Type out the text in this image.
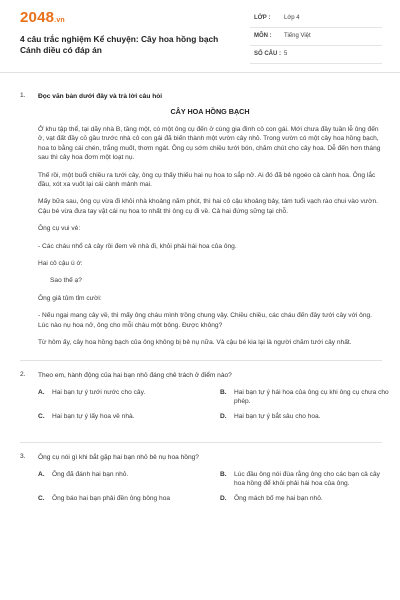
2048.vn
4 câu trắc nghiệm Kể chuyện: Cây hoa hồng bạch Cánh diều có đáp án
LỚP : Lớp 4
MÔN : Tiếng Việt
SỐ CÂU : 5
1. Đọc văn bản dưới đây và trả lời câu hỏi
CÂY HOA HỒNG BẠCH

Ở khu tập thể, tại dãy nhà B, tầng một, có một ông cụ đến ở cùng gia đình cô con gái. Mới chưa đầy tuần lễ ông đến ở, vạt đất đầy cỏ gầu trước nhà cô con gái đã biến thành một vườn cây nhỏ. Trong vườn có một cây hoa hồng bạch, hoa to bằng cái chén, trắng muốt, thơm ngát. Ông cụ sớm chiều tưới bón, chăm chút cho cây hoa. Dễ đến hơn tháng sau thì cây hoa đơm một loạt nụ.

Thế rồi, một buổi chiều ra tưới cây, ông cụ thấy thiếu hai nụ hoa to sắp nở. Ai đó đã bẻ ngoéo cả cành hoa. Ông lắc đầu, xót xa vuốt lại cái cành mảnh mai.

Mấy bữa sau, ông cụ vừa đi khỏi nhà khoảng năm phút, thì hai cô cậu khoảng bảy, tám tuổi vạch rào chui vào vườn. Cậu bé vừa đưa tay vặt cái nụ hoa to nhất thì ông cụ đi về. Cả hai đứng sững tại chỗ.

Ông cụ vui vẻ:

- Các cháu nhổ cả cây rồi đem về nhà đi, khỏi phải hái hoa của ông.

Hai cô cậu ú ớ:

Sao thế ạ?

Ông giả tủm tỉm cười:

- Nếu ngại mang cây về, thì mấy ông cháu mình trồng chung vậy. Chiều chiều, các cháu đến đây tưới cây với ông. Lúc nào nụ hoa nở, ông cho mỗi cháu một bông. Được không?

Từ hôm ấy, cây hoa hồng bạch của ông không bị bẻ nụ nữa. Và cậu bé kia lại là người chăm tưới cây nhất.

2. Theo em, hành động của hai bạn nhỏ đáng chê trách ở điểm nào?
A.	Hai bạn tự ý tưới nước cho cây.	B.	Hai bạn tự ý hái hoa của ông cụ khi ông cụ chưa cho phép.
C.	Hai bạn tự ý lấy hoa về nhà.	D.	Hai bạn tự ý bắt sâu cho hoa.
3. Ông cụ nói gì khi bắt gặp hai bạn nhỏ bẻ nụ hoa hồng?
A.	Ông đã đánh hai bạn nhỏ.	B.	Lúc đầu ông nói đùa rằng ông cho các bạn cả cây hoa hồng để khỏi phải hái hoa của ông.
C.	Ông báo hai bạn phải đền ông bông hoa	D.	Ông mách bố mẹ hai bạn nhỏ.
